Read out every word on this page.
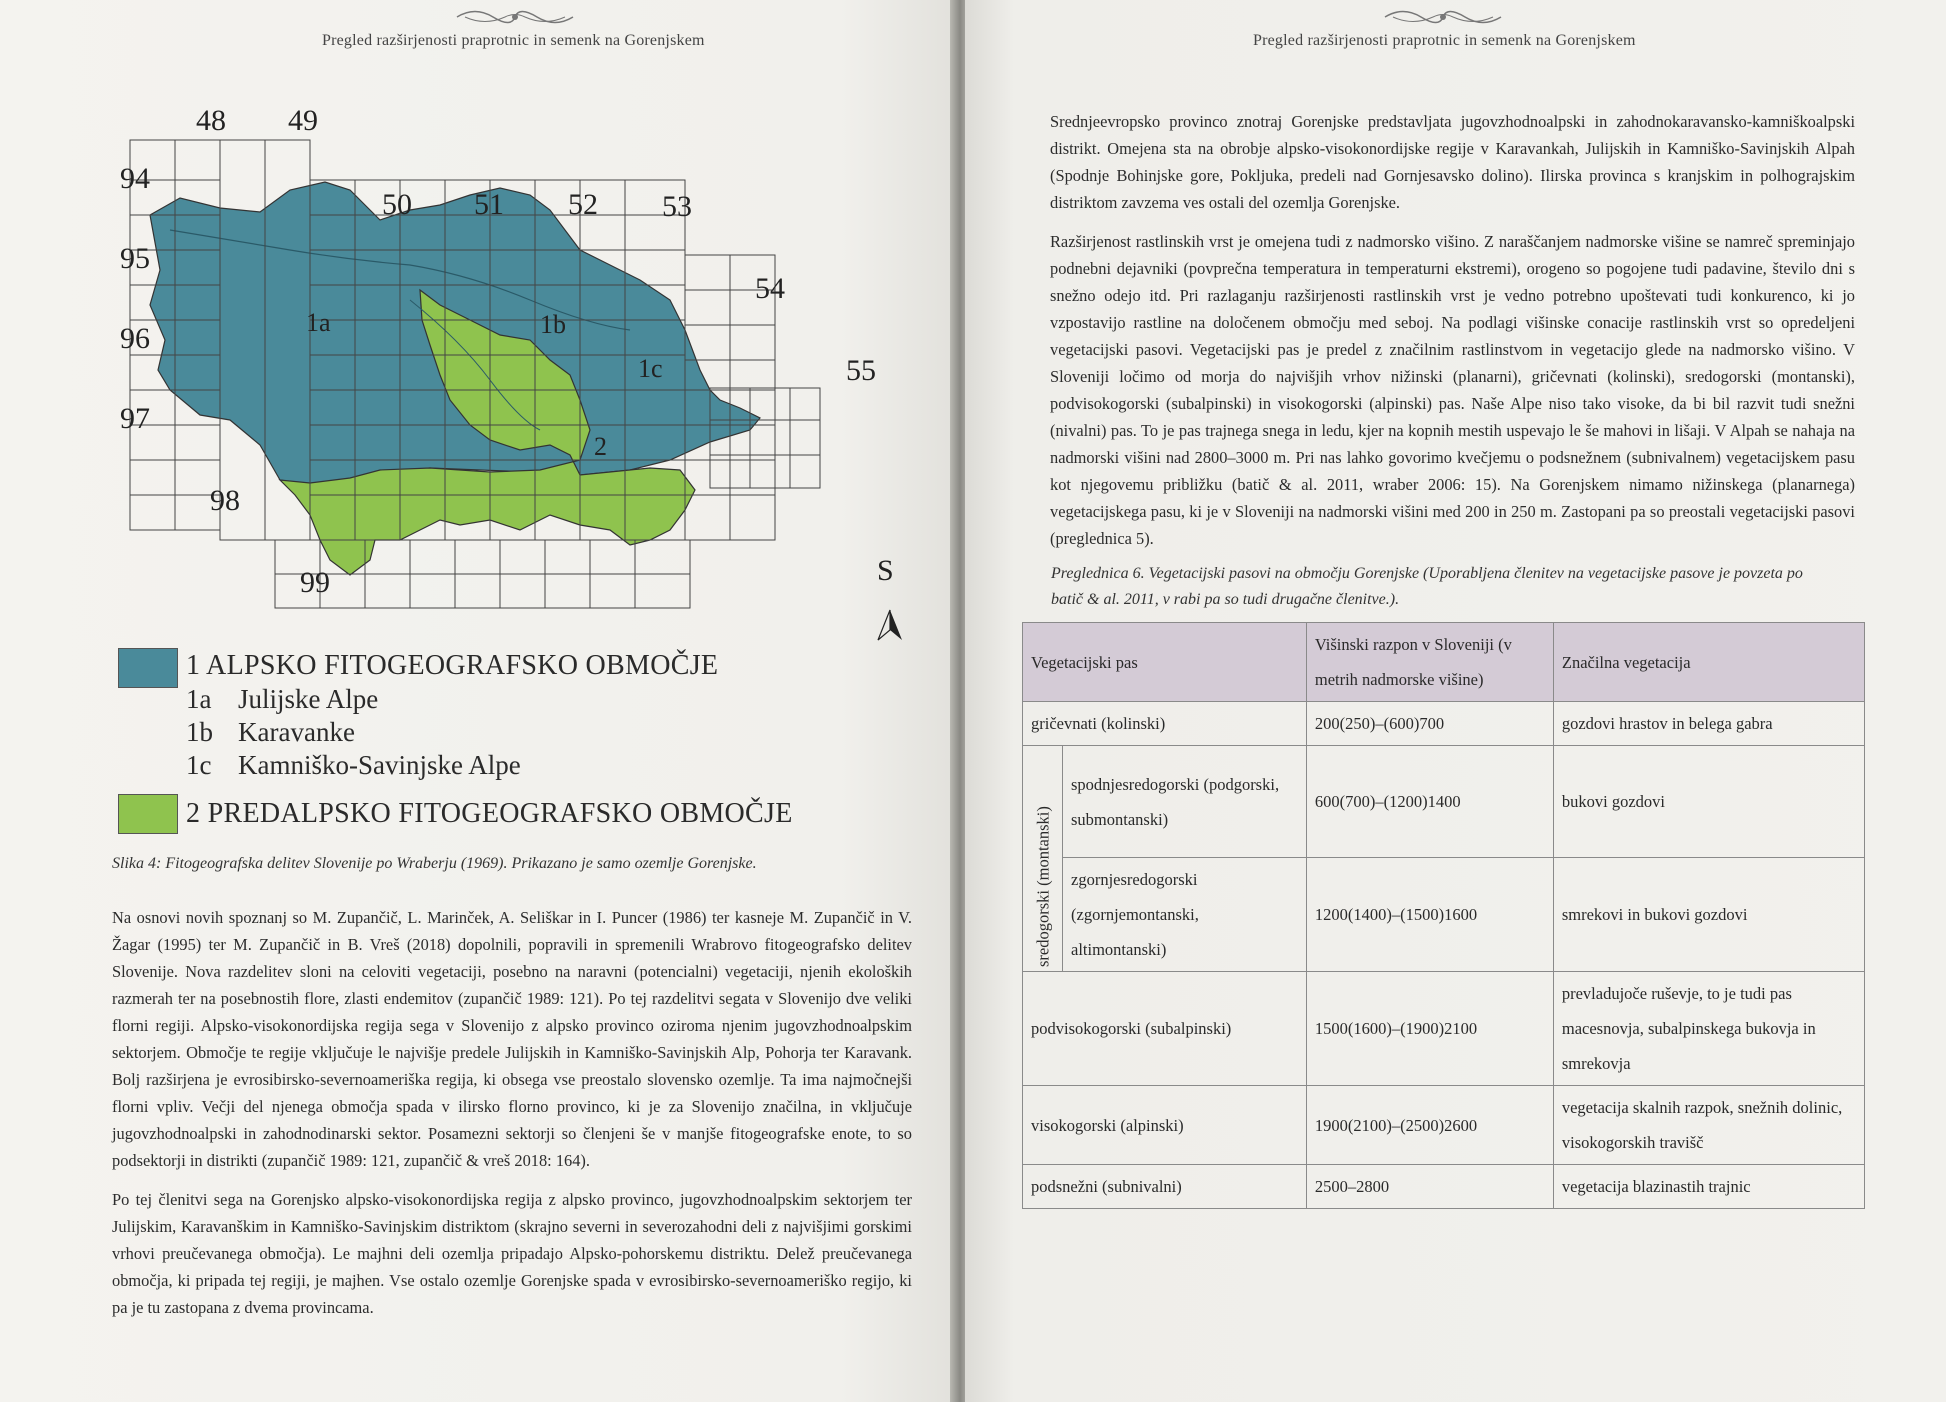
Pregled razširjenosti praprotnic in semenk na Gorenjskem
48 49
50 51 52 53
54
55
94
95
96
97
98
99
1a	1b
1c
2
S
1 ALPSKO FITOGEOGRAFSKO OBMOČJE
1a Julijske Alpe
1b Karavanke
1c Kamniško-Savinjske Alpe
2 PREDALPSKO FITOGEOGRAFSKO OBMOČJE
Slika 4: Fitogeografska delitev Slovenije po Wraberju (1969). Prikazano je samo ozemlje Gorenjske.

Na osnovi novih spoznanj so M. Zupančič, L. Marinček, A. Seliškar in I. Puncer (1986) ter kasneje M. Zupančič in V. Žagar (1995) ter M. Zupančič in B. Vreš (2018) dopolnili, popravili in spremenili Wrabrovo fitogeografsko delitev Slovenije. Nova razdelitev sloni na celoviti vegetaciji, posebno na naravni (potencialni) vegetaciji, njenih ekoloških razmerah ter na posebnostih flore, zlasti endemitov (zupančič 1989: 121). Po tej razdelitvi segata v Slovenijo dve veliki florni regiji. Alpsko-visokonordijska regija sega v Slovenijo z alpsko provinco oziroma njenim jugovzhodnoalpskim sektorjem. Območje te regije vključuje le najvišje predele Julijskih in Kamniško-Savinjskih Alp, Pohorja ter Karavank. Bolj razširjena je evrosibirsko-severnoameriška regija, ki obsega vse preostalo slovensko ozemlje. Ta ima najmočnejši florni vpliv. Večji del njenega območja spada v ilirsko florno provinco, ki je za Slovenijo značilna, in vključuje jugovzhodnoalpski in zahodnodinarski sektor. Posamezni sektorji so členjeni še v manjše fitogeografske enote, to so podsektorji in distrikti (zupančič 1989: 121, zupančič & vreš 2018: 164).

Po tej členitvi sega na Gorenjsko alpsko-visokonordijska regija z alpsko provinco, jugovzhodnoalpskim sektorjem ter Julijskim, Karavanškim in Kamniško-Savinjskim distriktom (skrajno severni in severozahodni deli z najvišjimi gorskimi vrhovi preučevanega območja). Le majhni deli ozemlja pripadajo Alpsko-pohorskemu distriktu. Delež preučevanega območja, ki pripada tej regiji, je majhen. Vse ostalo ozemlje Gorenjske spada v evrosibirsko-severnoameriško regijo, ki pa je tu zastopana z dvema provincama.

Pregled razširjenosti praprotnic in semenk na Gorenjskem

Srednjeevropsko provinco znotraj Gorenjske predstavljata jugovzhodnoalpski in zahodnokaravansko-kamniškoalpski distrikt. Omejena sta na obrobje alpsko-visokonordijske regije v Karavankah, Julijskih in Kamniško-Savinjskih Alpah (Spodnje Bohinjske gore, Pokljuka, predeli nad Gornjesavsko dolino). Ilirska provinca s kranjskim in polhograjskim distriktom zavzema ves ostali del ozemlja Gorenjske.

Razširjenost rastlinskih vrst je omejena tudi z nadmorsko višino. Z naraščanjem nadmorske višine se namreč spreminjajo podnebni dejavniki (povprečna temperatura in temperaturni ekstremi), orogeno so pogojene tudi padavine, število dni s snežno odejo itd. Pri razlaganju razširjenosti rastlinskih vrst je vedno potrebno upoštevati tudi konkurenco, ki jo vzpostavijo rastline na določenem območju med seboj. Na podlagi višinske conacije rastlinskih vrst so opredeljeni vegetacijski pasovi. Vegetacijski pas je predel z značilnim rastlinstvom in vegetacijo glede na nadmorsko višino. V Sloveniji ločimo od morja do najvišjih vrhov nižinski (planarni), gričevnati (kolinski), sredogorski (montanski), podvisokogorski (subalpinski) in visokogorski (alpinski) pas. Naše Alpe niso tako visoke, da bi bil razvit tudi snežni (nivalni) pas. To je pas trajnega snega in ledu, kjer na kopnih mestih uspevajo le še mahovi in lišaji. V Alpah se nahaja na nadmorski višini nad 2800–3000 m. Pri nas lahko govorimo kvečjemu o podsnežnem (subnivalnem) vegetacijskem pasu kot njegovemu približku (batič & al. 2011, wraber 2006: 15). Na Gorenjskem nimamo nižinskega (planarnega) vegetacijskega pasu, ki je v Sloveniji na nadmorski višini med 200 in 250 m. Zastopani pa so preostali vegetacijski pasovi (preglednica 5).

Preglednica 6. Vegetacijski pasovi na območju Gorenjske (Uporabljena členitev na vegetacijske pasove je povzeta po batič & al. 2011, v rabi pa so tudi drugačne členitve.).
Vegetacijski pas		Višinski razpon v Sloveniji (v metrih nadmorske višine)	Značilna vegetacija
gričevnati (kolinski)		200(250)–(600)700	gozdovi hrastov in belega gabra
sredogorski (montanski)	spodnjesredogorski (podgorski, submontanski)	600(700)–(1200)1400	bukovi gozdovi
	zgornjesredogorski (zgornjemontanski, altimontanski)	1200(1400)–(1500)1600	smrekovi in bukovi gozdovi
podvisokogorski (subalpinski)		1500(1600)–(1900)2100	prevladujoče ruševje, to je tudi pas macesnovja, subalpinskega bukovja in smrekovja
visokogorski (alpinski)		1900(2100)–(2500)2600	vegetacija skalnih razpok, snežnih dolinic, visokogorskih travišč
podsnežni (subnivalni)		2500–2800	vegetacija blazinastih trajnic
